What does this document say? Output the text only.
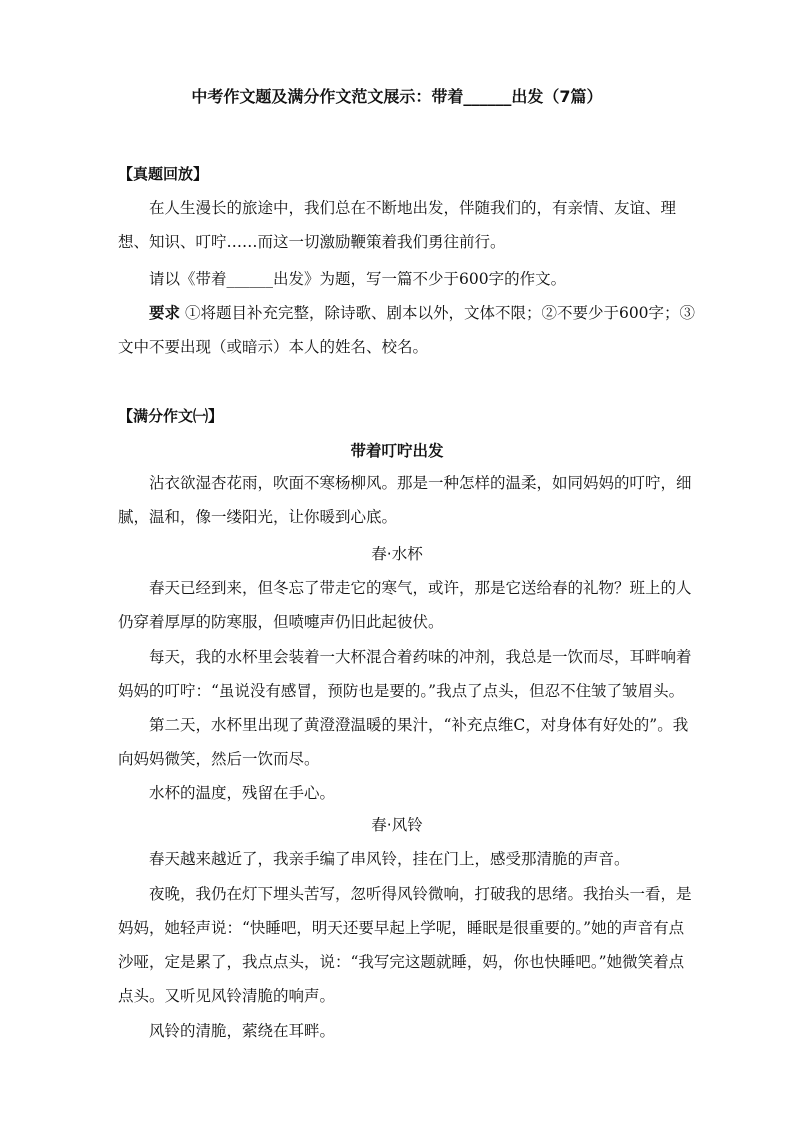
中考作文题及满分作文范文展示：带着______出发（7篇）
【真题回放】
在人生漫长的旅途中，我们总在不断地出发，伴随我们的，有亲情、友谊、理想、知识、叮咛……而这一切激励鞭策着我们勇往前行。
请以《带着______出发》为题，写一篇不少于600字的作文。
要求 ①将题目补充完整，除诗歌、剧本以外，文体不限；②不要少于600字；③文中不要出现（或暗示）本人的姓名、校名。
【满分作文㈠】
带着叮咛出发
沾衣欲湿杏花雨，吹面不寒杨柳风。那是一种怎样的温柔，如同妈妈的叮咛，细腻，温和，像一缕阳光，让你暖到心底。
春·水杯
春天已经到来，但冬忘了带走它的寒气，或许，那是它送给春的礼物？班上的人仍穿着厚厚的防寒服，但喷嚏声仍旧此起彼伏。
每天，我的水杯里会装着一大杯混合着药味的冲剂，我总是一饮而尽，耳畔响着妈妈的叮咛：“虽说没有感冒，预防也是要的。”我点了点头，但忍不住皱了皱眉头。
第二天，水杯里出现了黄澄澄温暖的果汁，“补充点维C，对身体有好处的”。我向妈妈微笑，然后一饮而尽。
水杯的温度，残留在手心。
春·风铃
春天越来越近了，我亲手编了串风铃，挂在门上，感受那清脆的声音。
夜晚，我仍在灯下埋头苦写，忽听得风铃微响，打破我的思绪。我抬头一看，是妈妈，她轻声说：“快睡吧，明天还要早起上学呢，睡眠是很重要的。”她的声音有点沙哑，定是累了，我点点头，说：“我写完这题就睡，妈，你也快睡吧。”她微笑着点点头。又听见风铃清脆的响声。
风铃的清脆，萦绕在耳畔。
